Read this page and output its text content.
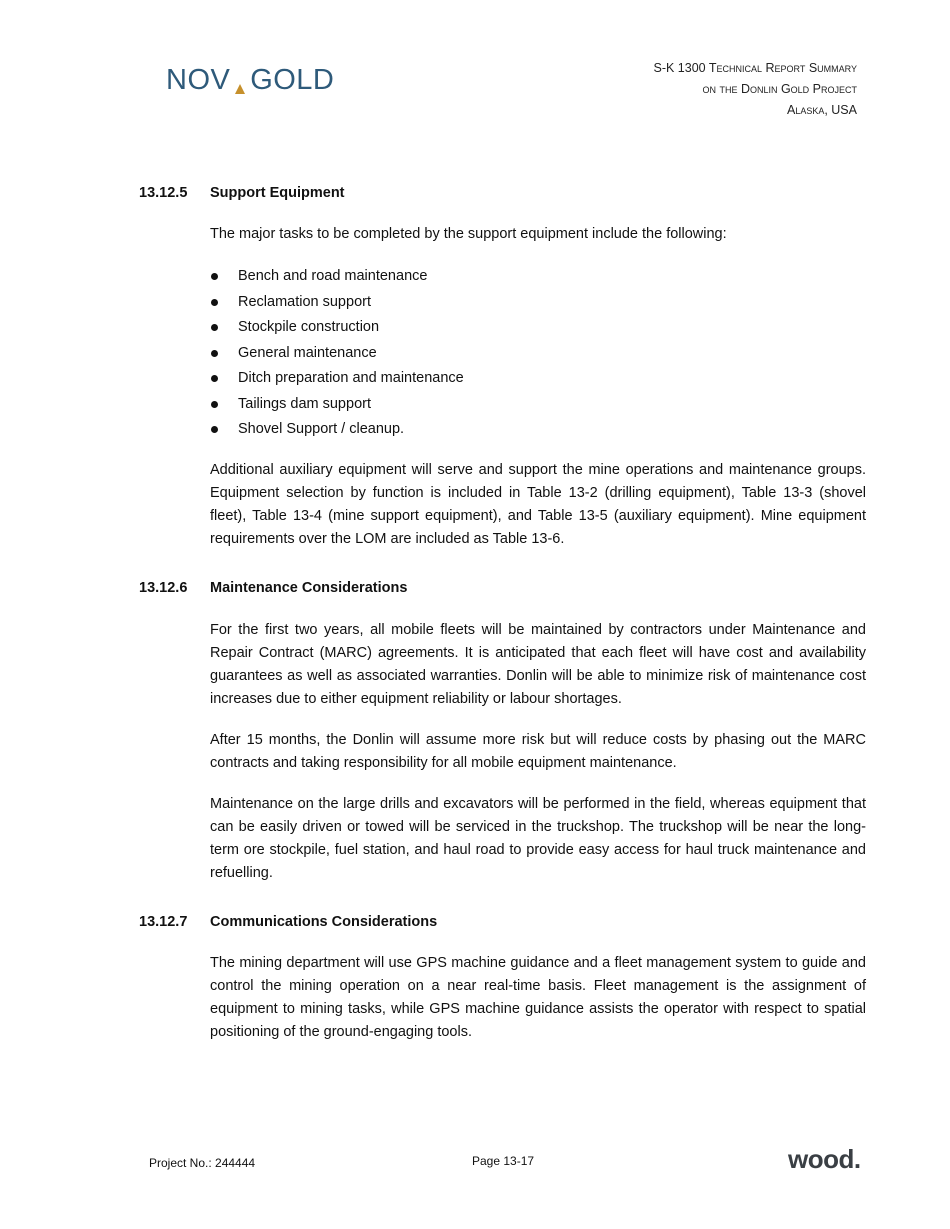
NOV GOLD	S-K 1300 Technical Report Summary
on the Donlin Gold Project
Alaska, USA
13.12.5 Support Equipment

The major tasks to be completed by the support equipment include the following:

Bench and road maintenance
Reclamation support
Stockpile construction
General maintenance
Ditch preparation and maintenance
Tailings dam support
Shovel Support / cleanup.

Additional auxiliary equipment will serve and support the mine operations and maintenance groups. Equipment selection by function is included in Table 13-2 (drilling equipment), Table 13-3 (shovel fleet), Table 13-4 (mine support equipment), and Table 13-5 (auxiliary equipment). Mine equipment requirements over the LOM are included as Table 13-6.

13.12.6 Maintenance Considerations

For the first two years, all mobile fleets will be maintained by contractors under Maintenance and Repair Contract (MARC) agreements. It is anticipated that each fleet will have cost and availability guarantees as well as associated warranties. Donlin will be able to minimize risk of maintenance cost increases due to either equipment reliability or labour shortages.

After 15 months, the Donlin will assume more risk but will reduce costs by phasing out the MARC contracts and taking responsibility for all mobile equipment maintenance.

Maintenance on the large drills and excavators will be performed in the field, whereas equipment that can be easily driven or towed will be serviced in the truckshop. The truckshop will be near the long-term ore stockpile, fuel station, and haul road to provide easy access for haul truck maintenance and refuelling.

13.12.7 Communications Considerations

The mining department will use GPS machine guidance and a fleet management system to guide and control the mining operation on a near real-time basis. Fleet management is the assignment of equipment to mining tasks, while GPS machine guidance assists the operator with respect to spatial positioning of the ground-engaging tools.

Project No.: 244444	Page 13-17	wood.
